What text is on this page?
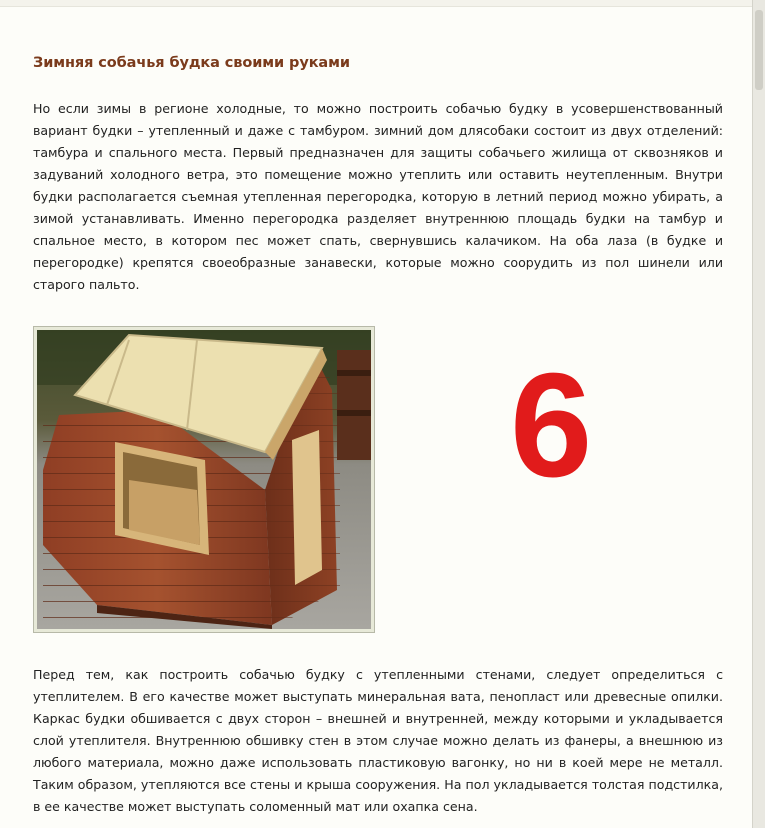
Зимняя собачья будка своими руками

Но если зимы в регионе холодные, то можно построить собачью будку в усовершенствованный вариант будки – утепленный и даже с тамбуром. зимний дом длясобаки состоит из двух отделений: тамбура и спального места. Первый предназначен для защиты собачьего жилища от сквозняков и задуваний холодного ветра, это помещение можно утеплить или оставить неутепленным. Внутри будки располагается съемная утепленная перегородка, которую в летний период можно убирать, а зимой устанавливать. Именно перегородка разделяет внутреннюю площадь будки на тамбур и спальное место, в котором пес может спать, свернувшись калачиком. На оба лаза (в будке и перегородке) крепятся своеобразные занавески, которые можно соорудить из пол шинели или старого пальто.

6

Перед тем, как построить собачью будку с утепленными стенами, следует определиться с утеплителем. В его качестве может выступать минеральная вата, пенопласт или древесные опилки. Каркас будки обшивается с двух сторон – внешней и внутренней, между которыми и укладывается слой утеплителя. Внутреннюю обшивку стен в этом случае можно делать из фанеры, а внешнюю из любого материала, можно даже использовать пластиковую вагонку, но ни в коей мере не металл. Таким образом, утепляются все стены и крыша сооружения. На пол укладывается толстая подстилка, в ее качестве может выступать соломенный мат или охапка сена.
